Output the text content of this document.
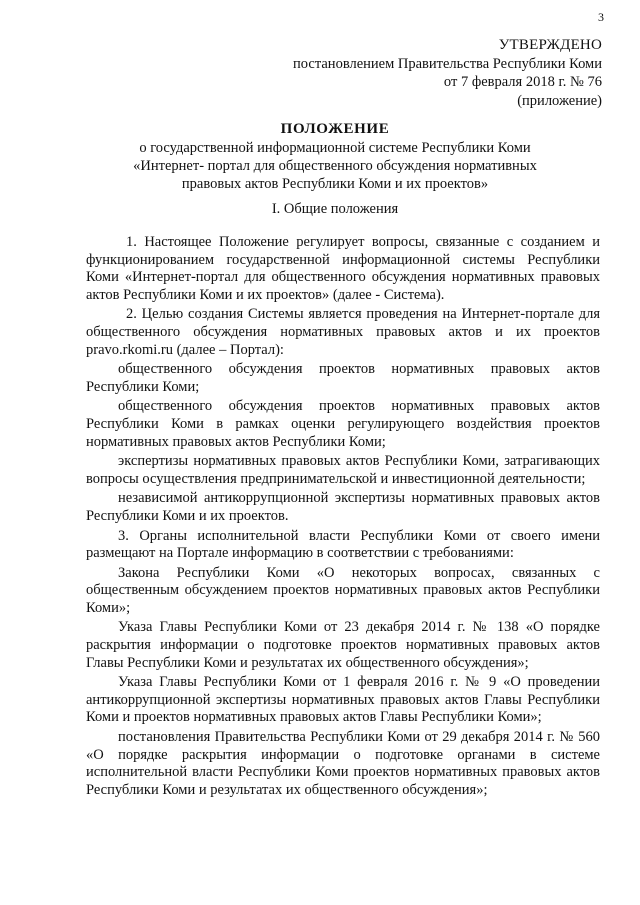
3
УТВЕРЖДЕНО
постановлением Правительства Республики Коми
от 7 февраля 2018 г. № 76
(приложение)
ПОЛОЖЕНИЕ
о государственной информационной системе Республики Коми
«Интернет- портал для общественного обсуждения нормативных
правовых актов Республики Коми и их проектов»
I. Общие положения

1. Настоящее Положение регулирует вопросы, связанные с созданием и функционированием государственной информационной системы Республики Коми «Интернет-портал для общественного обсуждения нормативных правовых актов Республики Коми и их проектов» (далее - Система).

2. Целью создания Системы является проведения на Интернет-портале для общественного обсуждения нормативных правовых актов и их проектов pravo.rkomi.ru (далее – Портал):

общественного обсуждения проектов нормативных правовых актов Республики Коми;

общественного обсуждения проектов нормативных правовых актов Республики Коми в рамках оценки регулирующего воздействия проектов нормативных правовых актов Республики Коми;

экспертизы нормативных правовых актов Республики Коми, затрагивающих вопросы осуществления предпринимательской и инвестиционной деятельности;

независимой антикоррупционной экспертизы нормативных правовых актов Республики Коми и их проектов.

3. Органы исполнительной власти Республики Коми от своего имени размещают на Портале информацию в соответствии с требованиями:

Закона Республики Коми «О некоторых вопросах, связанных с общественным обсуждением проектов нормативных правовых актов Республики Коми»;

Указа Главы Республики Коми от 23 декабря 2014 г. № 138 «О порядке раскрытия информации о подготовке проектов нормативных правовых актов Главы Республики Коми и результатах их общественного обсуждения»;

Указа Главы Республики Коми от 1 февраля 2016 г. № 9 «О проведении антикоррупционной экспертизы нормативных правовых актов Главы Республики Коми и проектов нормативных правовых актов Главы Республики Коми»;

постановления Правительства Республики Коми от 29 декабря 2014 г. № 560 «О порядке раскрытия информации о подготовке органами в системе исполнительной власти Республики Коми проектов нормативных правовых актов Республики Коми и результатах их общественного обсуждения»;
